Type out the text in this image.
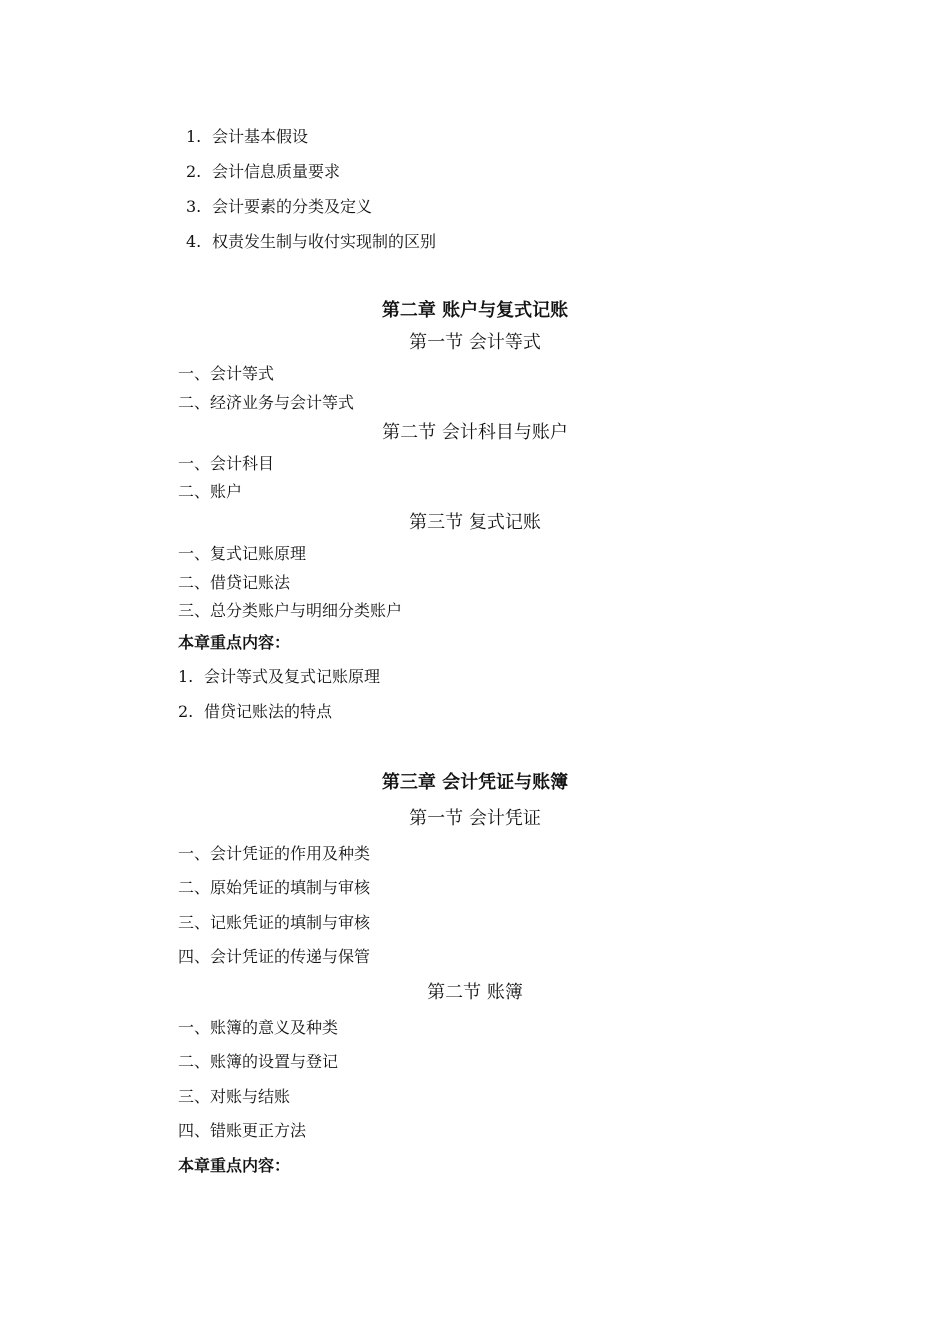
1. 会计基本假设
2. 会计信息质量要求
3. 会计要素的分类及定义
4. 权责发生制与收付实现制的区别
第二章 账户与复式记账
第一节 会计等式
一、会计等式
二、经济业务与会计等式
第二节 会计科目与账户
一、会计科目
二、账户
第三节 复式记账
一、复式记账原理
二、借贷记账法
三、总分类账户与明细分类账户
本章重点内容：
1. 会计等式及复式记账原理
2. 借贷记账法的特点
第三章 会计凭证与账簿
第一节 会计凭证
一、会计凭证的作用及种类
二、原始凭证的填制与审核
三、记账凭证的填制与审核
四、会计凭证的传递与保管
第二节 账簿
一、账簿的意义及种类
二、账簿的设置与登记
三、对账与结账
四、错账更正方法
本章重点内容：
